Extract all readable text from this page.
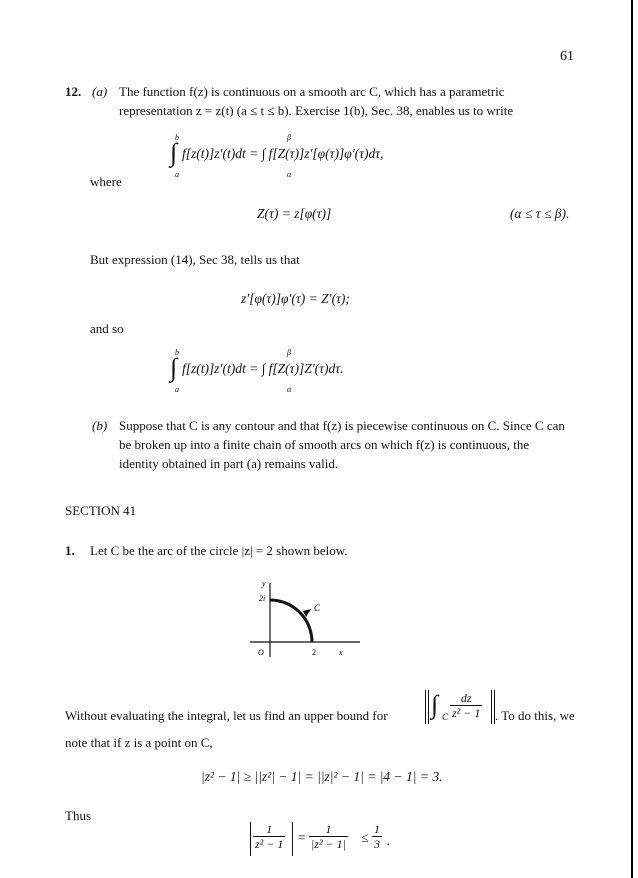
61
12. (a) The function f(z) is continuous on a smooth arc C, which has a parametric
representation z = z(t) (a ≤ t ≤ b). Exercise 1(b), Sec. 38, enables us to write
∫
b
a
f[z(t)]z′(t)dt = ∫ f[Z(τ)]z′[φ(τ)]φ′(τ)dτ,
β
α
where
Z(τ) = z[φ(τ)]	(α ≤ τ ≤ β).
But expression (14), Sec 38, tells us that
z′[φ(τ)]φ′(τ) = Z′(τ);
and so
∫
b
a
f[z(t)]z′(t)dt = ∫ f[Z(τ)]Z′(τ)dτ.
β
α
(b) Suppose that C is any contour and that f(z) is piecewise continuous on C. Since C can
be broken up into a finite chain of smooth arcs on which f(z) is continuous, the
identity obtained in part (a) remains valid.
SECTION 41
1. Let C be the arc of the circle |z| = 2 shown below.
y
2i
C
O	2	x
Without evaluating the integral, let us find an upper bound for ∫ C $\frac{dz}{\text{z² − 1}}$ . To do this, we
note that if z is a point on C,
|z² − 1| ≥ ||z²| − 1| = ||z|² − 1| = |4 − 1| = 3.
Thus
$\frac{1}{\text{z² − 1}} = \frac{1}{\text{|z² − 1|}} \le \frac{1}{3}$ .
